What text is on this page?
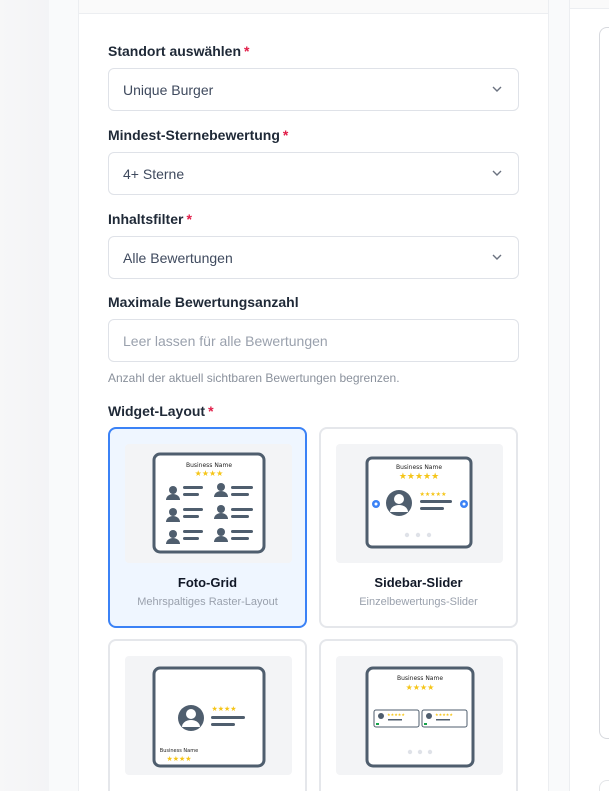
Standort auswählen *
Unique Burger
Mindest-Sternebewertung *
4+ Sterne
Inhaltsfilter *
Alle Bewertungen
Maximale Bewertungsanzahl
Leer lassen für alle Bewertungen
Anzahl der aktuell sichtbaren Bewertungen begrenzen.
Widget-Layout *
Business Name
★★★★
Foto-Grid
Mehrspaltiges Raster-Layout
Business Name
★★★★★
★★★★★
Sidebar-Slider
Einzelbewertungs-Slider
★★★★
Business Name
★★★★
Business Name
★★★★
★★★★★	★★★★★
